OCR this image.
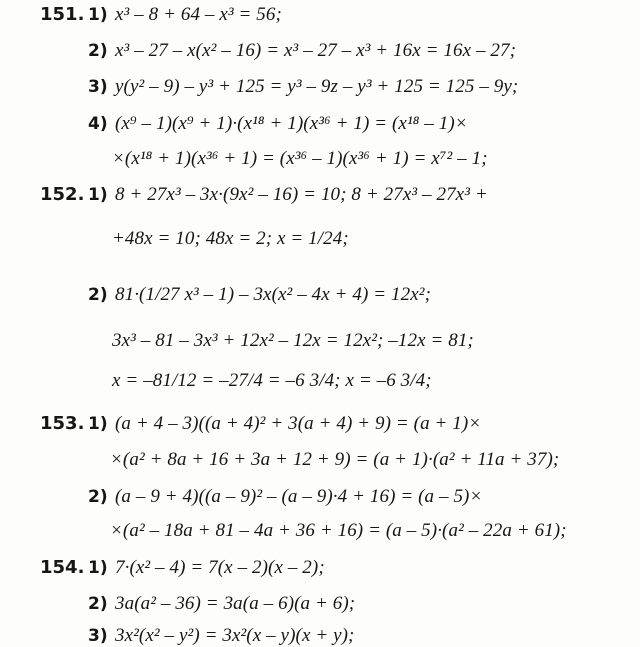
151. 1) x³ – 8 + 64 – x³ = 56;
2) x³ – 27 – x(x² – 16) = x³ – 27 – x³ + 16x = 16x – 27;
3) y(y² – 9) – y³ + 125 = y³ – 9z – y³ + 125 = 125 – 9y;
4) (x⁹ – 1)(x⁹ + 1)·(x¹⁸ + 1)(x³⁶ + 1) = (x¹⁸ – 1)×
×(x¹⁸ + 1)(x³⁶ + 1) = (x³⁶ – 1)(x³⁶ + 1) = x⁷² – 1;
152. 1) 8 + 27x³ – 3x·(9x² – 16) = 10; 8 + 27x³ – 27x³ +
+48x = 10; 48x = 2; x = 1/24;
2) 81·(1/27 x³ – 1) – 3x(x² – 4x + 4) = 12x²;
3x³ – 81 – 3x³ + 12x² – 12x = 12x²; –12x = 81;
x = –81/12 = –27/4 = –6 3/4; x = –6 3/4;
153. 1) (a + 4 – 3)((a + 4)² + 3(a + 4) + 9) = (a + 1)×
×(a² + 8a + 16 + 3a + 12 + 9) = (a + 1)·(a² + 11a + 37);
2) (a – 9 + 4)((a – 9)² – (a – 9)·4 + 16) = (a – 5)×
×(a² – 18a + 81 – 4a + 36 + 16) = (a – 5)·(a² – 22a + 61);
154. 1) 7·(x² – 4) = 7(x – 2)(x – 2);
2) 3a(a² – 36) = 3a(a – 6)(a + 6);
3) 3x²(x² – y²) = 3x²(x – y)(x + y);
